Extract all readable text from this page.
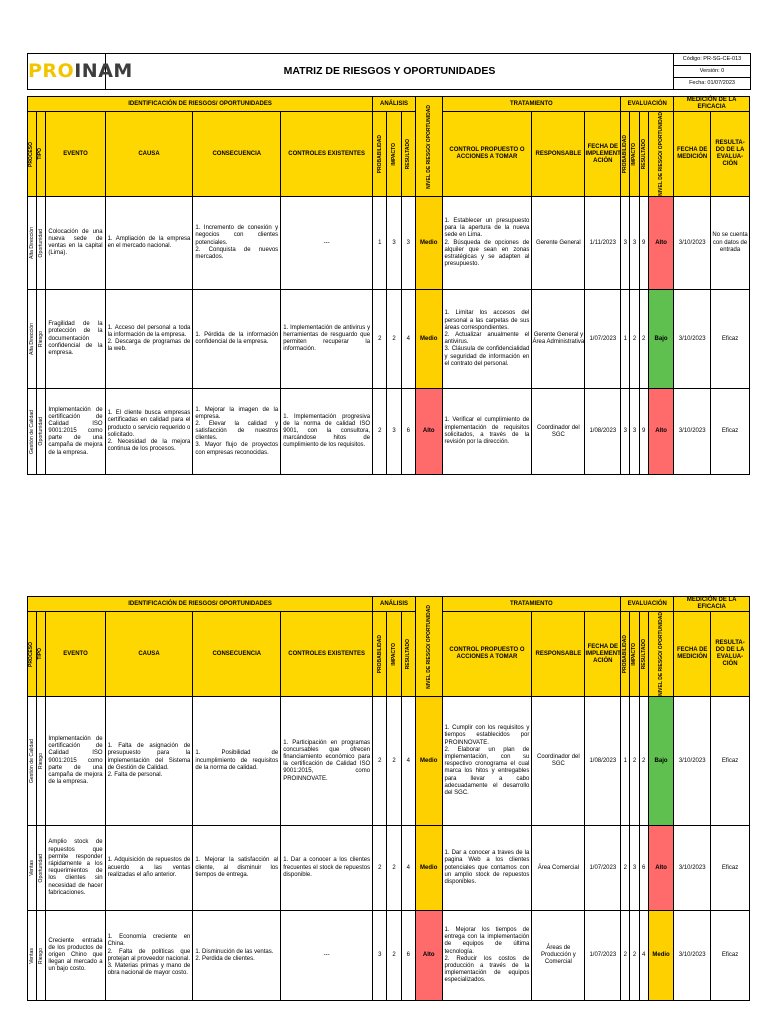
PROINAM	MATRIZ DE RIESGOS Y OPORTUNIDADES	Código: PR-SG-CE-013
Versión: 0
Fecha: 01/07/2023
IDENTIFICACIÓN DE RIESGOS/ OPORTUNIDADES						ANÁLISIS			NIVEL DE RIESGO/ OPORTUNIDAD	TRATAMIENTO			EVALUACIÓN				MEDICIÓN DE LA EFICACIA	

PROCESO	TIPO	EVENTO	CAUSA	CONSECUENCIA	CONTROLES EXISTENTES	PROBABILIDAD	IMPACTO	RESULTADO		CONTROL PROPUESTO O ACCIONES A TOMAR	RESPONSABLE	FECHA DE IMPLEMENT ACIÓN	PROBABILIDAD	IMPACTO	RESULTADO	NIVEL DE RIESGO/ OPORTUNIDAD	FECHA DE MEDICIÓN	RESULTA- DO DE LA EVALUA- CIÓN

Alta Dirección	Oportunidad	Colocación de una nueva sede de ventas en la capital (Lima).	1. Ampliación de la empresa en el mercado nacional.	1. Incremento de conexión y negocios con clientes potenciales.
2. Conquista de nuevos mercados.	---	1	3	3	Medio	1. Establecer un presupuesto para la apertura de la nueva sede en Lima.
2. Búsqueda de opciones de alquiler que sean en zonas estratégicas y se adapten al presupuesto.	Gerente General	1/11/2023	3	3	9	Alto	3/10/2023	No se cuenta con datos de entrada

Alta Dirección	Riesgo	Fragilidad de la protección de la documentación confidencial de la empresa.	1. Acceso del personal a toda la información de la empresa.
2. Descarga de programas de la web.	1. Pérdida de la información confidencial de la empresa.	1. Implementación de antivirus y herramientas de resguardo que permiten recuperar la información.	2	2	4	Medio	1. Limitar los accesos del personal a las carpetas de sus áreas correspondientes.
2. Actualizar anualmente el antivirus.
3. Cláusula de confidencialidad y seguridad de información en el contrato del personal.	Gerente General y Área Administrativa	1/07/2023	1	2	2	Bajo	3/10/2023	Eficaz

Gestión de Calidad	Oportunidad	Implementación de certificación de Calidad ISO 9001:2015 como parte de una campaña de mejora de la empresa.	1. El cliente busca empresas certificadas en calidad para el producto o servicio requerido o solicitado.
2. Necesidad de la mejora continua de los procesos.	1. Mejorar la imagen de la empresa.
2. Elevar la calidad y satisfacción de nuestros clientes.
3. Mayor flujo de proyectos con empresas reconocidas.	1. Implementación progresiva de la norma de calidad ISO 9001, con la consultora, marcándose hitos de cumplimiento de los requisitos.	2	3	6	Alto	1. Verificar el cumplimiento de implementación de requisitos solicitados, a través de la revisión por la dirección.	Coordinador del SGC	1/08/2023	3	3	9	Alto	3/10/2023	Eficaz
IDENTIFICACIÓN DE RIESGOS/ OPORTUNIDADES						ANÁLISIS			NIVEL DE RIESGO/ OPORTUNIDAD	TRATAMIENTO			EVALUACIÓN				MEDICIÓN DE LA EFICACIA	

PROCESO	TIPO	EVENTO	CAUSA	CONSECUENCIA	CONTROLES EXISTENTES	PROBABILIDAD	IMPACTO	RESULTADO		CONTROL PROPUESTO O ACCIONES A TOMAR	RESPONSABLE	FECHA DE IMPLEMENT ACIÓN	PROBABILIDAD	IMPACTO	RESULTADO	NIVEL DE RIESGO/ OPORTUNIDAD	FECHA DE MEDICIÓN	RESULTA- DO DE LA EVALUA- CIÓN

Gestión de Calidad	Riesgo	Implementación de certificación de Calidad ISO 9001:2015 como parte de una campaña de mejora de la empresa.	1. Falta de asignación de presupuesto para la implementación del Sistema de Gestión de Calidad.
2. Falta de personal.	1. Posibilidad de incumplimiento de requisitos de la norma de calidad.	1. Participación en programas concursables que ofrecen financiamiento económico para la certificación de Calidad ISO 9001:2015, como PROINNOVATE.	2	2	4	Medio	1. Cumplir con los requisitos y tiempos establecidos por PROINNOVATE.
2. Elaborar un plan de implementación, con su respectivo cronograma el cual marca los hitos y entregables para llevar a cabo adecuadamente el desarrollo del SGC.	Coordinador del SGC	1/08/2023	1	2	2	Bajo	3/10/2023	Eficaz

Ventas	Oportunidad	Amplio stock de repuestos que permite responder rápidamente a los requerimientos de los clientes sin necesidad de hacer fabricaciones.	1. Adquisición de repuestos de acuerdo a las ventas realizadas el año anterior.	1. Mejorar la satisfacción al cliente, al disminuir los tiempos de entrega.	1. Dar a conocer a los clientes frecuentes el stock de repuestos disponible.	2	2	4	Medio	1. Dar a conocer a traves de la pagina Web a los clientes potenciales que contamos con un amplio stock de repuestos disponibles.	Área Comercial	1/07/2023	2	3	6	Alto	3/10/2023	Eficaz

Ventas	Riesgo	Creciente entrada de los productos de origen Chino que llegan al mercado a un bajo costo.	1. Economía creciente en China.
2. Falta de políticas que protejan al proveedor nacional.
3. Materias primas y mano de obra nacional de mayor costo.	1. Disminución de las ventas.
2. Perdida de clientes.	---	3	2	6	Alto	1. Mejorar los tiempos de entrega con la implementación de equipos de última tecnología.
2. Reducir los costos de producción a través de la implementación de equipos especializados.	Áreas de Producción y Comercial	1/07/2023	2	2	4	Medio	3/10/2023	Eficaz
